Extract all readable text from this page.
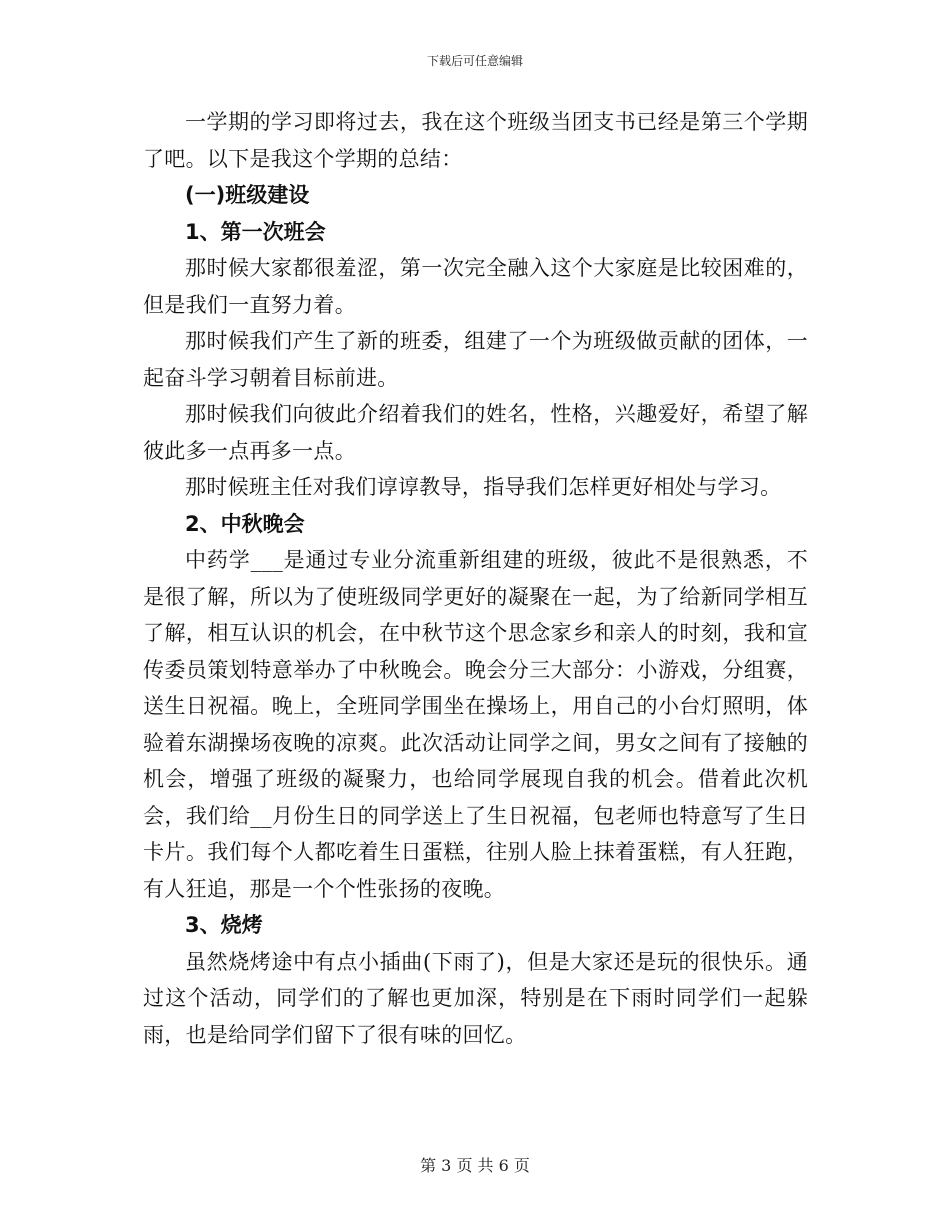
下载后可任意编辑

一学期的学习即将过去，我在这个班级当团支书已经是第三个学期了吧。以下是我这个学期的总结：

(一)班级建设

1、第一次班会

那时候大家都很羞涩，第一次完全融入这个大家庭是比较困难的，但是我们一直努力着。

那时候我们产生了新的班委，组建了一个为班级做贡献的团体，一起奋斗学习朝着目标前进。

那时候我们向彼此介绍着我们的姓名，性格，兴趣爱好，希望了解彼此多一点再多一点。

那时候班主任对我们谆谆教导，指导我们怎样更好相处与学习。

2、中秋晚会

中药学___是通过专业分流重新组建的班级，彼此不是很熟悉，不是很了解，所以为了使班级同学更好的凝聚在一起，为了给新同学相互了解，相互认识的机会，在中秋节这个思念家乡和亲人的时刻，我和宣传委员策划特意举办了中秋晚会。晚会分三大部分：小游戏，分组赛，送生日祝福。晚上，全班同学围坐在操场上，用自己的小台灯照明，体验着东湖操场夜晚的凉爽。此次活动让同学之间，男女之间有了接触的机会，增强了班级的凝聚力，也给同学展现自我的机会。借着此次机会，我们给__月份生日的同学送上了生日祝福，包老师也特意写了生日卡片。我们每个人都吃着生日蛋糕，往别人脸上抹着蛋糕，有人狂跑，有人狂追，那是一个个性张扬的夜晚。

3、烧烤

虽然烧烤途中有点小插曲(下雨了)，但是大家还是玩的很快乐。通过这个活动，同学们的了解也更加深，特别是在下雨时同学们一起躲雨，也是给同学们留下了很有味的回忆。

第 3 页 共 6 页
